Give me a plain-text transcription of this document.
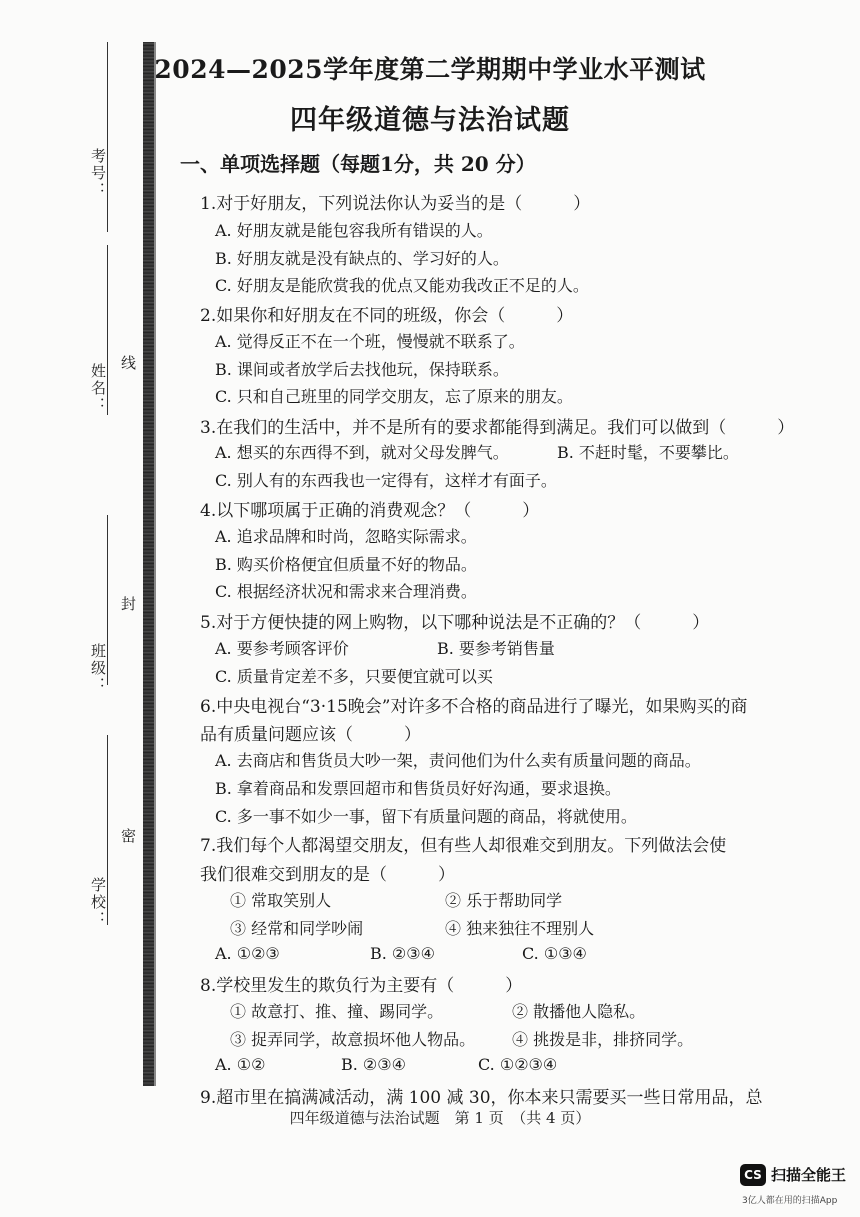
考号：
姓名： 线
班级：
封
学校：
密
2024—2025学年度第二学期期中学业水平测试
四年级道德与法治试题
一、单项选择题（每题1分，共 20 分）
1.对于好朋友，下列说法你认为妥当的是（　　　）
A. 好朋友就是能包容我所有错误的人。
B. 好朋友就是没有缺点的、学习好的人。
C. 好朋友是能欣赏我的优点又能劝我改正不足的人。
2.如果你和好朋友在不同的班级，你会（　　　）
A. 觉得反正不在一个班，慢慢就不联系了。
B. 课间或者放学后去找他玩，保持联系。
C. 只和自己班里的同学交朋友，忘了原来的朋友。
3.在我们的生活中，并不是所有的要求都能得到满足。我们可以做到（　　　）
A. 想买的东西得不到，就对父母发脾气。	B. 不赶时髦，不要攀比。
C. 别人有的东西我也一定得有，这样才有面子。
4.以下哪项属于正确的消费观念？（　　　）
A. 追求品牌和时尚，忽略实际需求。
B. 购买价格便宜但质量不好的物品。
C. 根据经济状况和需求来合理消费。
5.对于方便快捷的网上购物，以下哪种说法是不正确的？（　　　）
A. 要参考顾客评价	B. 要参考销售量
C. 质量肯定差不多，只要便宜就可以买
6.中央电视台“3·15晚会”对许多不合格的商品进行了曝光，如果购买的商
品有质量问题应该（　　　）
A. 去商店和售货员大吵一架，责问他们为什么卖有质量问题的商品。
B. 拿着商品和发票回超市和售货员好好沟通，要求退换。
C. 多一事不如少一事，留下有质量问题的商品，将就使用。
7.我们每个人都渴望交朋友，但有些人却很难交到朋友。下列做法会使
我们很难交到朋友的是（　　　）
① 常取笑别人	② 乐于帮助同学
③ 经常和同学吵闹	④ 独来独往不理别人
A. ①②③	B. ②③④	C. ①③④
8.学校里发生的欺负行为主要有（　　　）
① 故意打、推、撞、踢同学。	② 散播他人隐私。
③ 捉弄同学，故意损坏他人物品。 ④ 挑拨是非，排挤同学。
A. ①②	B. ②③④	C. ①②③④
9.超市里在搞满减活动，满 100 减 30，你本来只需要买一些日常用品，总
四年级道德与法治试题　第 1 页　（共 4 页）
CS 扫描全能王
3亿人都在用的扫描App
